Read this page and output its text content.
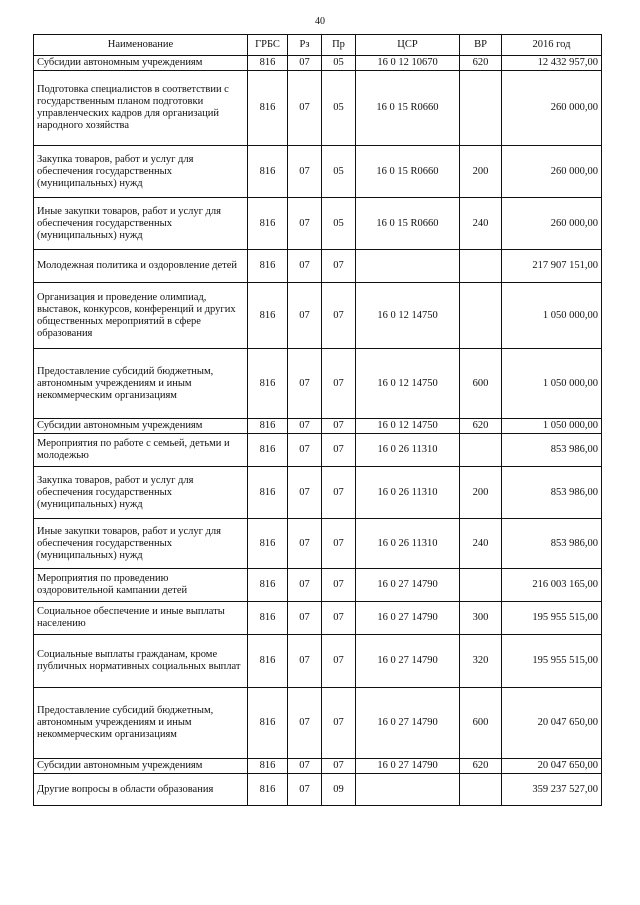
40
Наименование	ГРБС	Рз	Пр	ЦСР	ВР	2016 год
Субсидии автономным учреждениям	816	07	05	16 0 12 10670	620	12 432 957,00
Подготовка специалистов в соответствии с государственным планом подготовки управленческих кадров для организаций народного хозяйства	816	07	05	16 0 15 R0660		260 000,00
Закупка товаров, работ и услуг для обеспечения государственных (муниципальных) нужд	816	07	05	16 0 15 R0660	200	260 000,00
Иные закупки товаров, работ и услуг для обеспечения государственных (муниципальных) нужд	816	07	05	16 0 15 R0660	240	260 000,00
Молодежная политика и оздоровление детей	816	07	07			217 907 151,00
Организация и проведение олимпиад, выставок, конкурсов, конференций и других общественных мероприятий в сфере образования	816	07	07	16 0 12 14750		1 050 000,00
Предоставление субсидий бюджетным, автономным учреждениям и иным некоммерческим организациям	816	07	07	16 0 12 14750	600	1 050 000,00
Субсидии автономным учреждениям	816	07	07	16 0 12 14750	620	1 050 000,00
Мероприятия по работе с семьей, детьми и молодежью	816	07	07	16 0 26 11310		853 986,00
Закупка товаров, работ и услуг для обеспечения государственных (муниципальных) нужд	816	07	07	16 0 26 11310	200	853 986,00
Иные закупки товаров, работ и услуг для обеспечения государственных (муниципальных) нужд	816	07	07	16 0 26 11310	240	853 986,00
Мероприятия по проведению оздоровительной кампании детей	816	07	07	16 0 27 14790		216 003 165,00
Социальное обеспечение и иные выплаты населению	816	07	07	16 0 27 14790	300	195 955 515,00
Социальные выплаты гражданам, кроме публичных нормативных социальных выплат	816	07	07	16 0 27 14790	320	195 955 515,00
Предоставление субсидий бюджетным, автономным учреждениям и иным некоммерческим организациям	816	07	07	16 0 27 14790	600	20 047 650,00
Субсидии автономным учреждениям	816	07	07	16 0 27 14790	620	20 047 650,00
Другие вопросы в области образования	816	07	09			359 237 527,00
